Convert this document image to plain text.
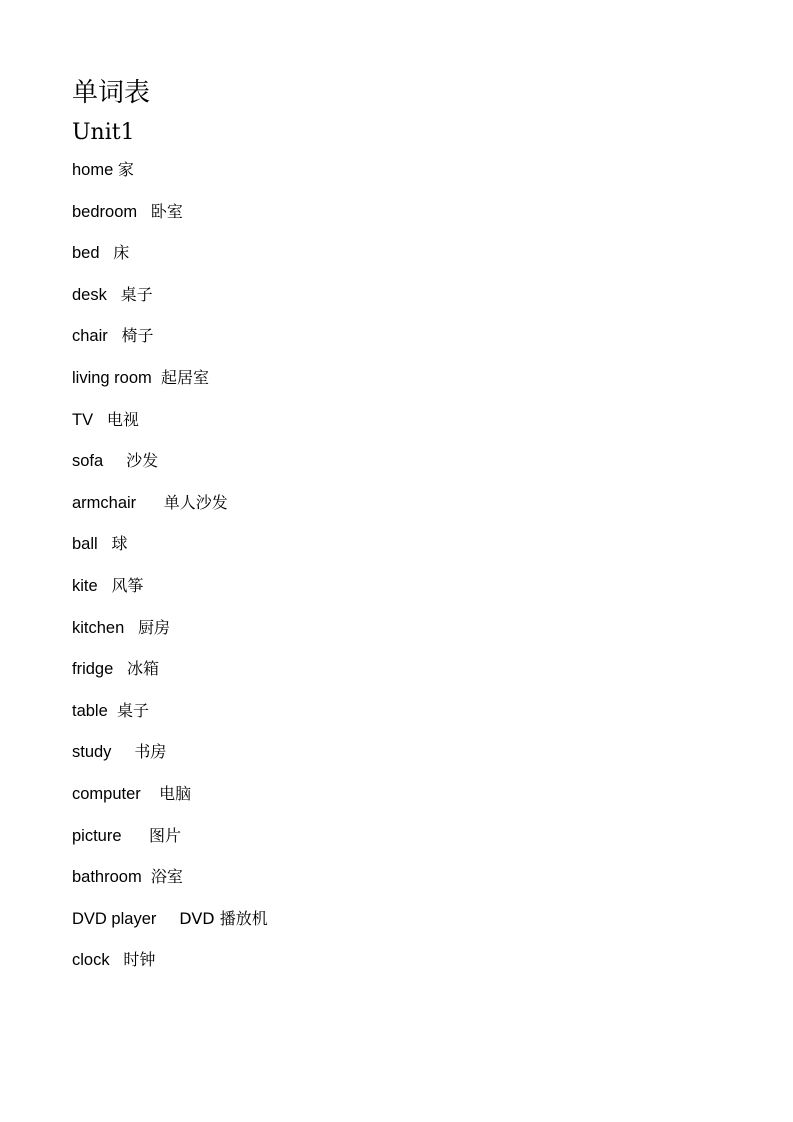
单词表
Unit1
home 家
bedroom 卧室
bed 床
desk 桌子
chair 椅子
living room 起居室
TV 电视
sofa 沙发
armchair 单人沙发
ball 球
kite 风筝
kitchen 厨房
fridge 冰箱
table 桌子
study 书房
computer 电脑
picture 图片
bathroom 浴室
DVD player DVD 播放机
clock 时钟
